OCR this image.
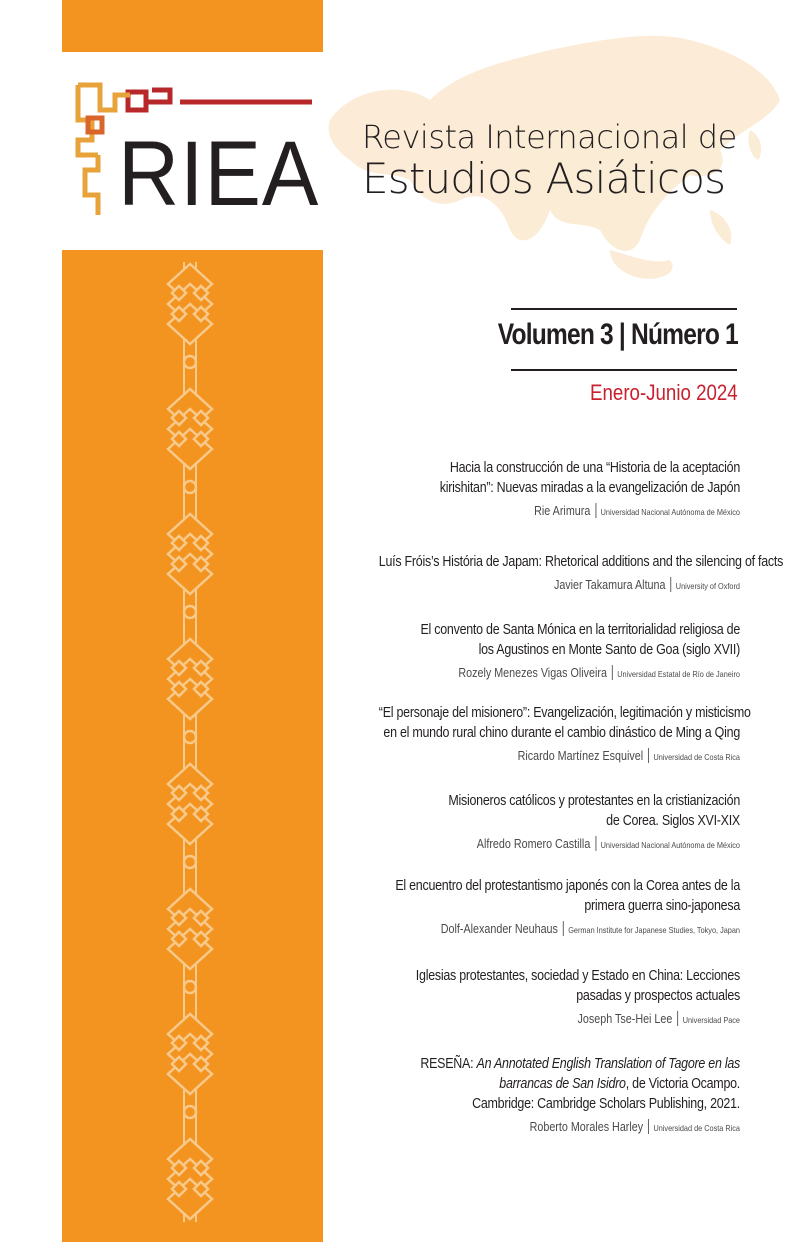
RIEA Revista Internacional de
Estudios Asiáticos
Volumen 3 | Número 1
Enero-Junio 2024
Hacia la construcción de una “Historia de la aceptación
kirishitan”: Nuevas miradas a la evangelización de Japón
Rie Arimura Universidad Nacional Autónoma de México
Luís Fróis’s História de Japam: Rhetorical additions and the silencing of facts
Javier Takamura Altuna University of Oxford
El convento de Santa Mónica en la territorialidad religiosa de
los Agustinos en Monte Santo de Goa (siglo XVII)
Rozely Menezes Vigas Oliveira Universidad Estatal de Río de Janeiro
“El personaje del misionero”: Evangelización, legitimación y misticismo
en el mundo rural chino durante el cambio dinástico de Ming a Qing
Ricardo Martínez Esquivel Universidad de Costa Rica
Misioneros católicos y protestantes en la cristianización
de Corea. Siglos XVI-XIX
Alfredo Romero Castilla Universidad Nacional Autónoma de México
El encuentro del protestantismo japonés con la Corea antes de la
primera guerra sino-japonesa
Dolf-Alexander Neuhaus German Institute for Japanese Studies, Tokyo, Japan
Iglesias protestantes, sociedad y Estado en China: Lecciones
pasadas y prospectos actuales
Joseph Tse-Hei Lee Universidad Pace
RESEÑA: An Annotated English Translation of Tagore en las
barrancas de San Isidro, de Victoria Ocampo.
Cambridge: Cambridge Scholars Publishing, 2021.
Roberto Morales Harley Universidad de Costa Rica
